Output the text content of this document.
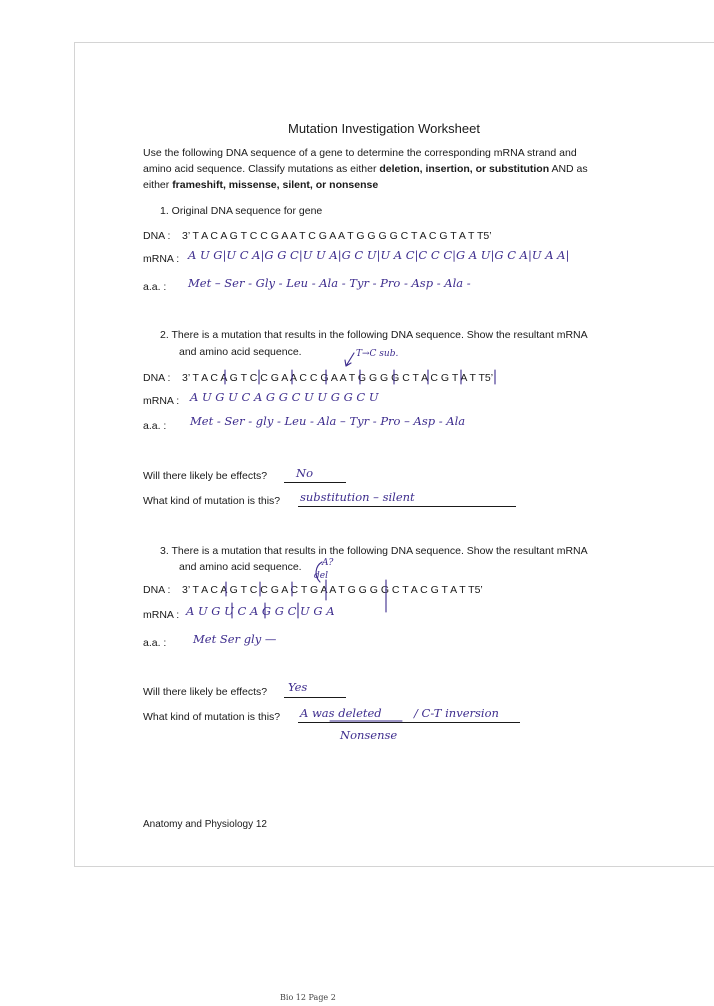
Mutation Investigation Worksheet
Use the following DNA sequence of a gene to determine the corresponding mRNA strand and
amino acid sequence. Classify mutations as either deletion, insertion, or substitution AND as
either frameshift, missense, silent, or nonsense
1. Original DNA sequence for gene
DNA : 3’ T A C A G T C C G A A T C G A A T G G G G C T A C G T A T T5’
mRNA : A U G|U C A|G G C|U U A|G C U|U A C|C C C|G A U|G C A|U A A|
a.a. : Met – Ser - Gly - Leu - Ala - Tyr - Pro - Asp - Ala -
2. There is a mutation that results in the following DNA sequence. Show the resultant mRNA
and amino acid sequence.	T→C sub.
DNA : 3’ T A C A G T C C G A A C C G A A T G G G G C T A C G T A T T5’
mRNA : A U G U C A G G C U U G G C U
a.a. : Met - Ser - gly - Leu - Ala – Tyr - Pro – Asp - Ala
Will there likely be effects?	No
What kind of mutation is this? substitution – silent
3. There is a mutation that results in the following DNA sequence. Show the resultant mRNA
and amino acid sequence. A?
del
DNA : 3’ T A C A G T C C G A C T G A A T G G G G C T A C G T A T T5’
mRNA : A U G U C A G G C U G A
a.a. : Met Ser gly —
Will there likely be effects? Yes
What kind of mutation is this? A was deleted	/ C-T inversion
Nonsense
Anatomy and Physiology 12
Bio 12 Page 2
